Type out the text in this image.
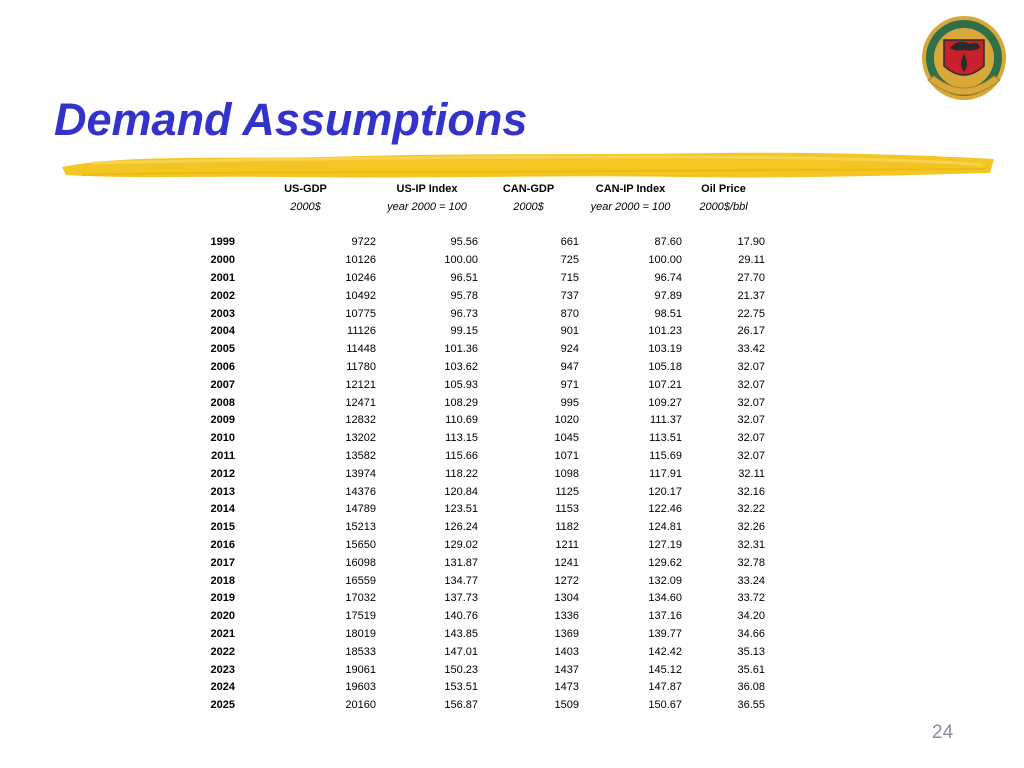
Demand Assumptions
	US-GDP	US-IP Index	CAN-GDP	CAN-IP Index	Oil Price
	2000$	year 2000 = 100	2000$	year 2000 = 100	2000$/bbl

1999	9722	95.56	661	87.60	17.90
2000	10126	100.00	725	100.00	29.11
2001	10246	96.51	715	96.74	27.70
2002	10492	95.78	737	97.89	21.37
2003	10775	96.73	870	98.51	22.75
2004	11126	99.15	901	101.23	26.17
2005	11448	101.36	924	103.19	33.42
2006	11780	103.62	947	105.18	32.07
2007	12121	105.93	971	107.21	32.07
2008	12471	108.29	995	109.27	32.07
2009	12832	110.69	1020	111.37	32.07
2010	13202	113.15	1045	113.51	32.07
2011	13582	115.66	1071	115.69	32.07
2012	13974	118.22	1098	117.91	32.11
2013	14376	120.84	1125	120.17	32.16
2014	14789	123.51	1153	122.46	32.22
2015	15213	126.24	1182	124.81	32.26
2016	15650	129.02	1211	127.19	32.31
2017	16098	131.87	1241	129.62	32.78
2018	16559	134.77	1272	132.09	33.24
2019	17032	137.73	1304	134.60	33.72
2020	17519	140.76	1336	137.16	34.20
2021	18019	143.85	1369	139.77	34.66
2022	18533	147.01	1403	142.42	35.13
2023	19061	150.23	1437	145.12	35.61
2024	19603	153.51	1473	147.87	36.08
2025	20160	156.87	1509	150.67	36.55
24
